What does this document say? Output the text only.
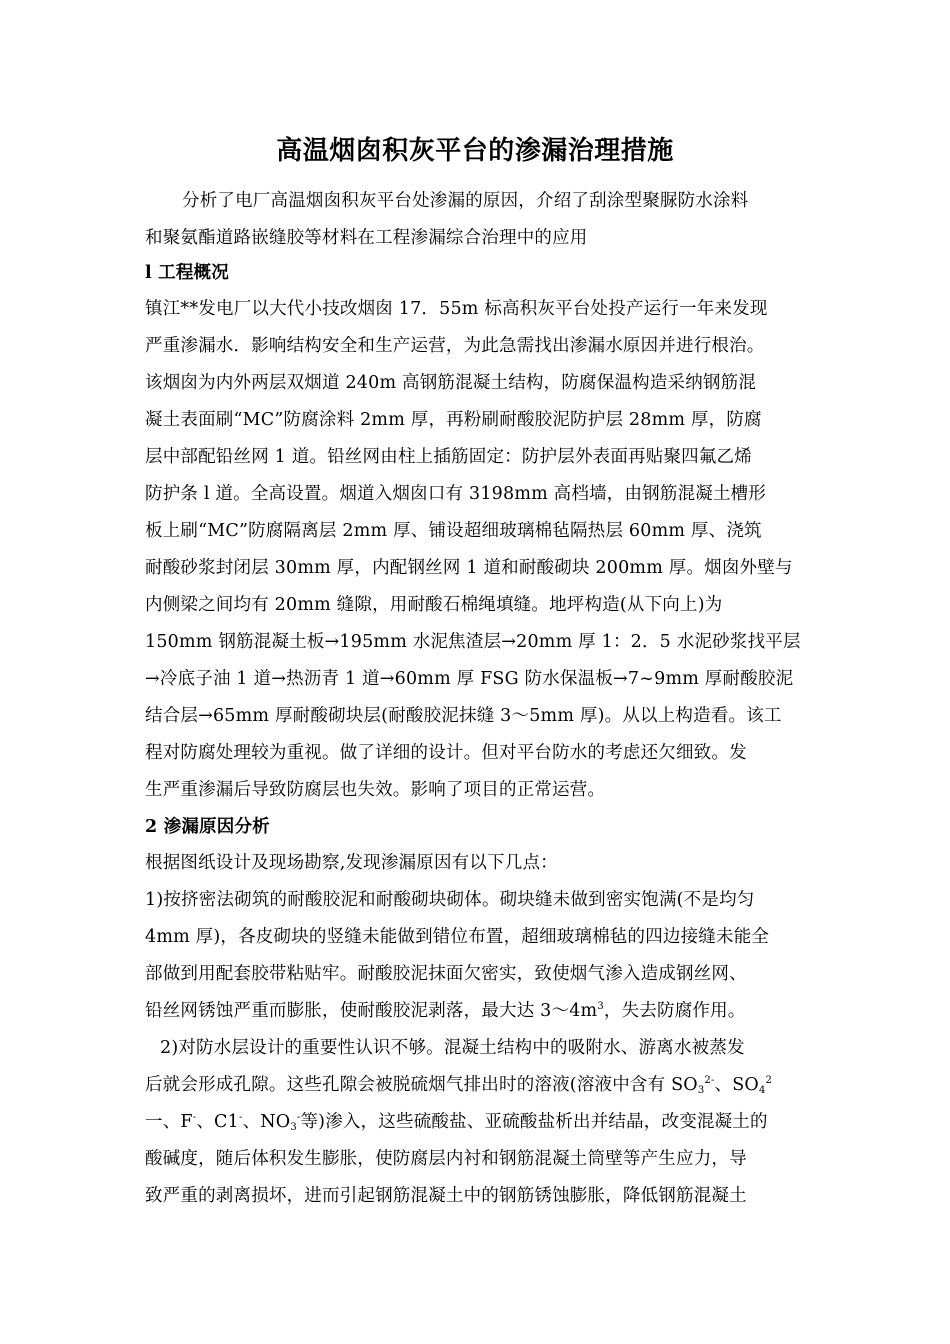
高温烟囱积灰平台的渗漏治理措施
分析了电厂高温烟囱积灰平台处渗漏的原因，介绍了刮涂型聚脲防水涂料
和聚氨酯道路嵌缝胶等材料在工程渗漏综合治理中的应用
l 工程概况
镇江**发电厂以大代小技改烟囱 17．55m 标高积灰平台处投产运行一年来发现
严重渗漏水．影响结构安全和生产运营，为此急需找出渗漏水原因并进行根治。
该烟囱为内外两层双烟道 240m 高钢筋混凝土结构，防腐保温构造采纳钢筋混
凝土表面刷“MC”防腐涂料 2mm 厚，再粉刷耐酸胶泥防护层 28mm 厚，防腐
层中部配铅丝网 1 道。铅丝网由柱上插筋固定：防护层外表面再贴聚四氟乙烯
防护条 l 道。全高设置。烟道入烟囱口有 3198mm 高档墙，由钢筋混凝土槽形
板上刷“MC”防腐隔离层 2mm 厚、铺设超细玻璃棉毡隔热层 60mm 厚、浇筑
耐酸砂浆封闭层 30mm 厚，内配钢丝网 1 道和耐酸砌块 200mm 厚。烟囱外壁与
内侧梁之间均有 20mm 缝隙，用耐酸石棉绳填缝。地坪构造(从下向上)为
150mm 钢筋混凝土板→195mm 水泥焦渣层→20mm 厚 1：2．5 水泥砂浆找平层
→冷底子油 1 道→热沥青 1 道→60mm 厚 FSG 防水保温板→7~9mm 厚耐酸胶泥
结合层→65mm 厚耐酸砌块层(耐酸胶泥抹缝 3～5mm 厚)。从以上构造看。该工
程对防腐处理较为重视。做了详细的设计。但对平台防水的考虑还欠细致。发
生严重渗漏后导致防腐层也失效。影响了项目的正常运营。
2 渗漏原因分析
根据图纸设计及现场勘察,发现渗漏原因有以下几点：
1)按挤密法砌筑的耐酸胶泥和耐酸砌块砌体。砌块缝未做到密实饱满(不是均匀
4mm 厚)，各皮砌块的竖缝未能做到错位布置，超细玻璃棉毡的四边接缝未能全
部做到用配套胶带粘贴牢。耐酸胶泥抹面欠密实，致使烟气渗入造成钢丝网、
铅丝网锈蚀严重而膨胀，使耐酸胶泥剥落，最大达 $3\sim 4m^3$，失去防腐作用。
2)对防水层设计的重要性认识不够。混凝土结构中的吸附水、游离水被蒸发
后就会形成孔隙。这些孔隙会被脱硫烟气排出时的溶液(溶液中含有 $SO_3^{2-}$、$SO_4^2$
一、F-、C1-、$NO_3^-$等)渗入，这些硫酸盐、亚硫酸盐析出并结晶，改变混凝土的
酸碱度，随后体积发生膨胀，使防腐层内衬和钢筋混凝土筒壁等产生应力，导
致严重的剥离损坏，进而引起钢筋混凝土中的钢筋锈蚀膨胀，降低钢筋混凝土
